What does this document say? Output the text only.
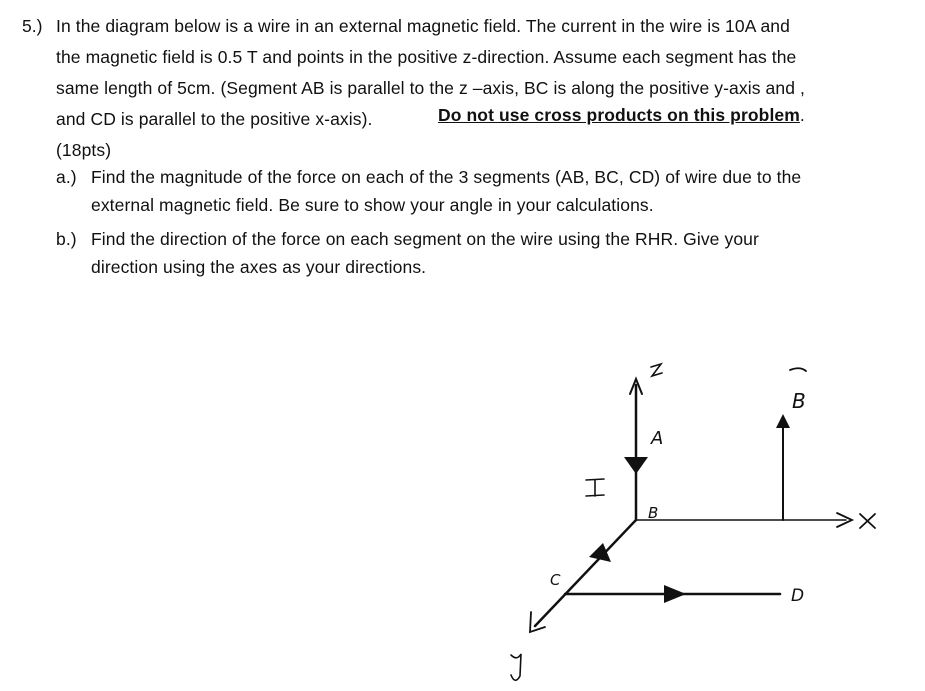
5.) In the diagram below is a wire in an external magnetic field. The current in the wire is 10A and
the magnetic field is 0.5 T and points in the positive z-direction. Assume each segment has the
same length of 5cm. (Segment AB is parallel to the z –axis, BC is along the positive y-axis and ,
and CD is parallel to the positive x-axis).	Do not use cross products on this problem.
(18pts)
a.) Find the magnitude of the force on each of the 3 segments (AB, BC, CD) of wire due to the
external magnetic field. Be sure to show your angle in your calculations.
b.) Find the direction of the force on each segment on the wire using the RHR. Give your
direction using the axes as your directions.
A
B
C
D
B
